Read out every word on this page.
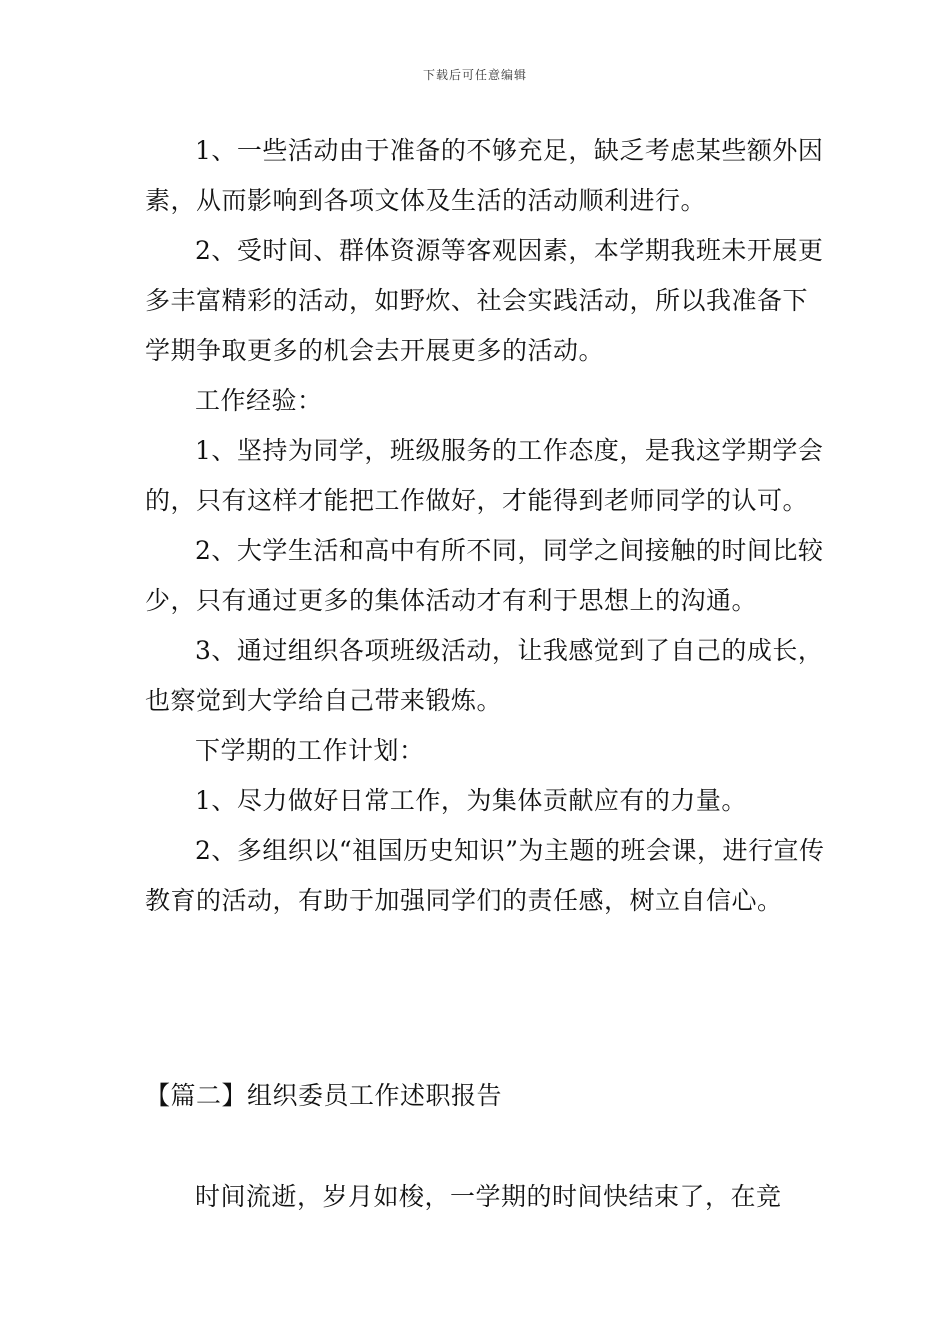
下载后可任意编辑

1、一些活动由于准备的不够充足，缺乏考虑某些额外因素，从而影响到各项文体及生活的活动顺利进行。

2、受时间、群体资源等客观因素，本学期我班未开展更多丰富精彩的活动，如野炊、社会实践活动，所以我准备下学期争取更多的机会去开展更多的活动。

工作经验：

1、坚持为同学，班级服务的工作态度，是我这学期学会的，只有这样才能把工作做好，才能得到老师同学的认可。

2、大学生活和高中有所不同，同学之间接触的时间比较少，只有通过更多的集体活动才有利于思想上的沟通。

3、通过组织各项班级活动，让我感觉到了自己的成长，也察觉到大学给自己带来锻炼。

下学期的工作计划：

1、尽力做好日常工作，为集体贡献应有的力量。

2、多组织以“祖国历史知识”为主题的班会课，进行宣传教育的活动，有助于加强同学们的责任感，树立自信心。

【篇二】组织委员工作述职报告

时间流逝，岁月如梭，一学期的时间快结束了，在竞
